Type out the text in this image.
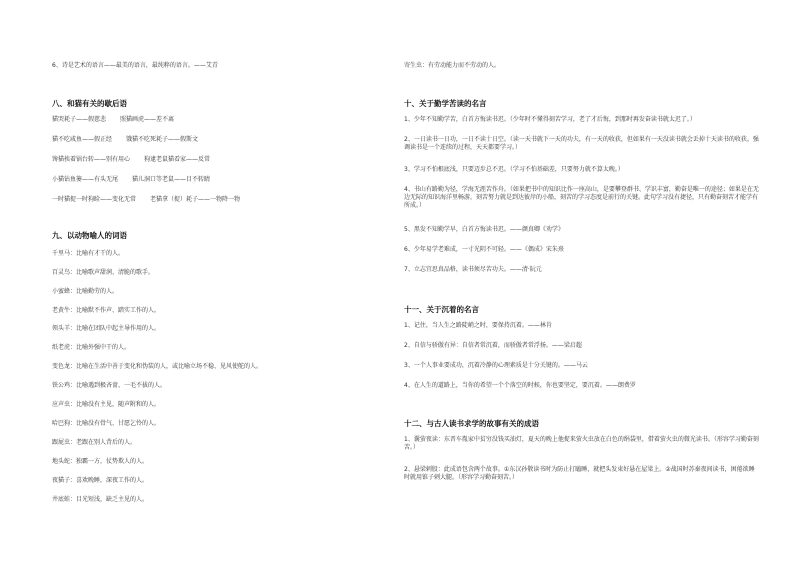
6、诗是艺术的语言——最美的语言，最纯粹的语言。——艾青
八、和猫有关的歇后语
猫哭耗子——假慈悲 照猫画虎——差不离
猫不吃咸鱼——假正经 饿猫不吃死耗子——假斯文
馋猫挨着锅台转——别有用心 狗逮老鼠猫看家——反常
小猫钻鱼篓——有头无尾 猫儿洞口等老鼠——目不转睛
一时猫捉一时狗睑——变化无常 老猫拿（捉）耗子——一物降一物
九、以动物喻人的词语
千里马：比喻有才干的人。
百灵鸟：比喻歌声甜润、清脆的歌手。
小蜜蜂：比喻勤劳的人。
老黄牛：比喻默不作声、踏实工作的人。
领头羊：比喻在团队中起主导作用的人。
纸老虎：比喻外强中干的人。
变色龙：比喻在生活中善于变化和伪装的人，或比喻立场不稳、见风使舵的人。
铁公鸡：比喻遇到极吝啬、一毛不拔的人。
应声虫：比喻没有主见，随声附和的人。
哈巴狗：比喻没有骨气、甘愿乞怜的人。
跟屁虫：老跟在别人背后的人。
地头蛇：独霸一方，仗势欺人的人。
夜猫子：喜欢晚睡，深夜工作的人。
井底蛙：目光短浅，缺乏主见的人。
寄生虫：有劳动能力而不劳动的人。
十、关于勤学苦读的名言
1、少年不知勤学苦，白首方悔读书迟。（少年时不懂得刻苦学习，老了才后悔，到那时再发奋读书就太迟了。）
2、一日读书一日功，一日不读十日空。（读一天书就下一天的功夫，有一天的收获，但如果有一天没读书就会丢掉十天读书的收获。强调读书是一个连续的过程，天天都要学习。）
3、学习不怕根底浅，只要迈步总不迟。（学习不怕基础差，只要努力就不算太晚。）
4、书山有路勤为径，学海无涯苦作舟。（如果把书中的知识比作一座高山，是要攀登群书、学识丰富，勤奋是唯一的途径；如果是在无边无际的知识海洋里畅游，刻苦努力就是到达彼岸的小船，刻苦的学习态度是前行的关键。此句学习没有捷径，只有勤奋刻苦才能学有所成。）
5、黑发不知勤学早，白首方悔读书迟。——颜真卿《劝学》
6、少年易学老难成，一寸光阴不可轻。——《偶成》宋朱熹
7、立志宜思真品格，读书须尽苦功夫。——清·阮元
十一、关于沉着的名言
1、记住，当人生之路陡峭之时，要保持沉着。——林肯
2、自信与骄傲有异：自信者常沉着，而骄傲者常浮扬。——梁启超
3、一个人事业要成功，沉着冷静的心理素质是十分关键的。——马云
4、在人生的道路上，当你的希望一个个落空的时候，你也要坚定，要沉着。——朗费罗
十二、与古人读书求学的故事有关的成语
1、囊萤夜读：东晋车胤家中贫穷没钱买油灯，夏天的晚上他捉来萤火虫放在白色的绢袋里，借着萤火虫的微光读书。（形容学习勤奋刻苦。）
2、悬梁刺股：此成语包含两个故事。①东汉孙敬读书时为防止打瞌睡，就把头发束好悬在屋梁上。②战国时苏秦夜间读书，困倦欲睡时就用锥子刺大腿。（形容学习勤奋刻苦。）
